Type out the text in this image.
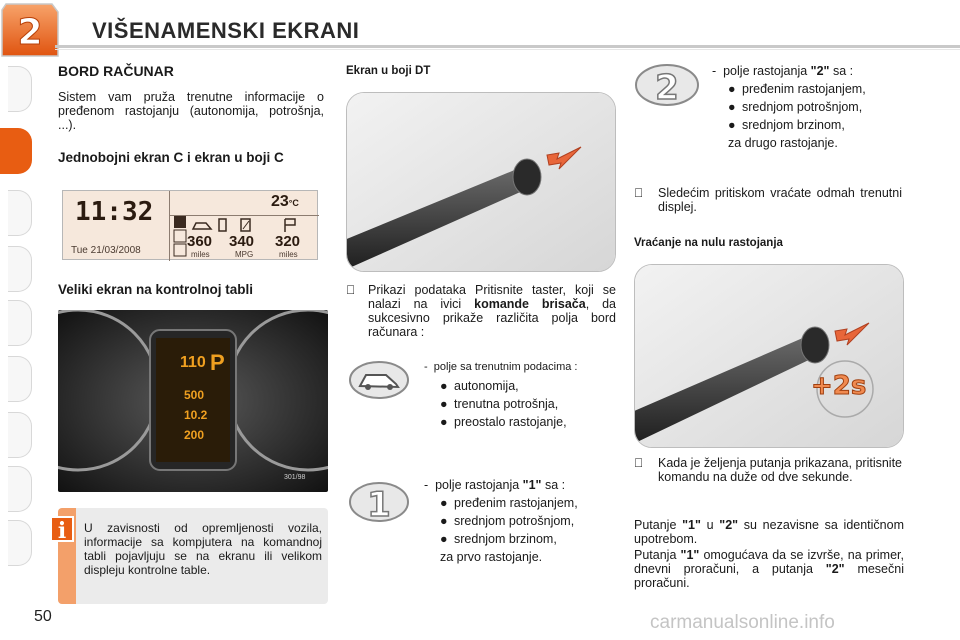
2 VIŠENAMENSKI EKRANI
50
BORD RAČUNAR
Sistem vam pruža trenutne informacije o pređenom rastojanju (autonomija, potrošnja, ...).
Jednobojni ekran C i ekran u boji C
11:32
Tue 21/03/2008
23°C
360 340 320
miles	MPG	miles
Veliki ekran na kontrolnoj tabli
110 P
500
10.2
200
301/98
i	U zavisnosti od opremljenosti vozila, informacije sa kompjutera na komandnoj tabli pojavljuju se na ekranu ili velikom displeju kontrolne table.
Ekran u boji DT
Prikazi podataka Pritisnite taster, koji se nalazi na ivici komande brisača, da sukcesivno prikaže različita polja bord računara :
-  polje sa trenutnim podacima :
● autonomija,
● trenutna potrošnja,
● preostalo rastojanje,
1	-  polje rastojanja "1" sa :
● pređenim rastojanjem,
● srednjom potrošnjom,
● srednjom brzinom,
za prvo rastojanje.
2	-  polje rastojanja "2" sa :
● pređenim rastojanjem,
● srednjom potrošnjom,
● srednjom brzinom,
za drugo rastojanje.
Sledećim pritiskom vraćate odmah trenutni displej.
Vraćanje na nulu rastojanja
+2s
Kada je željenja putanja prikazana, pritisnite komandu na duže od dve sekunde.
Putanje "1" u "2" su nezavisne sa identičnom upotrebom.
Putanja "1" omogućava da se izvrše, na primer, dnevni proračuni, a putanja "2" mesečni proračuni.
carmanualsonline.info
